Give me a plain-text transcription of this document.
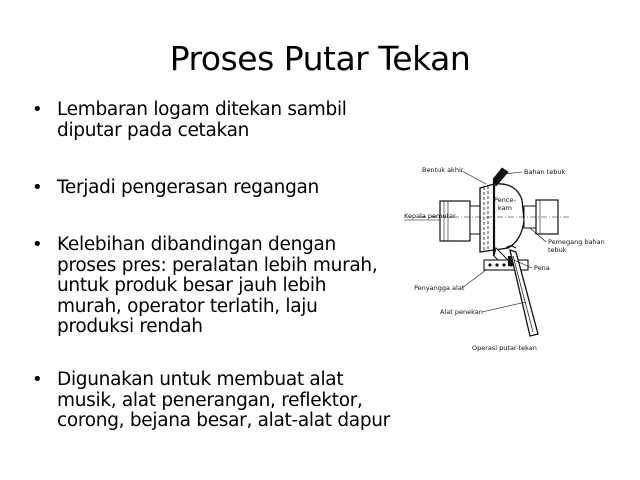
Proses Putar Tekan
• Lembaran logam ditekan sambil diputar pada cetakan
• Terjadi pengerasan regangan
• Kelebihan dibandingan dengan proses pres: peralatan lebih murah, untuk produk besar jauh lebih murah, operator terlatih, laju produksi rendah
• Digunakan untuk membuat alat musik, alat penerangan, reflektor, corong, bejana besar, alat-alat dapur
Bentuk akhir	Bahan tebuk
Pence-
kam
Kepala pemutar
Pemegang bahan
tebuk
Pena
Penyangga alat
Alat penekan
Operasi putar-tekan
